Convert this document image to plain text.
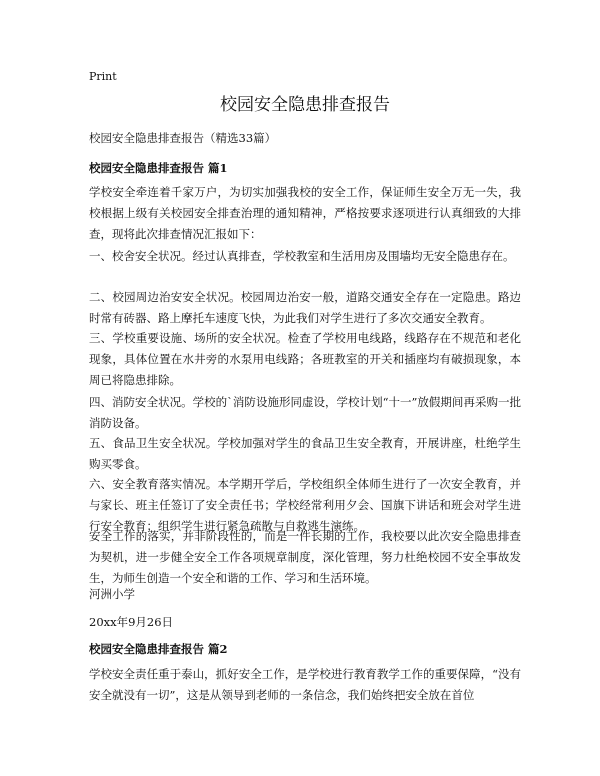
Print
校园安全隐患排查报告

校园安全隐患排查报告（精选33篇）

校园安全隐患排查报告 篇1

学校安全牵连着千家万户，为切实加强我校的安全工作，保证师生安全万无一失，我校根据上级有关校园安全排查治理的通知精神，严格按要求逐项进行认真细致的大排查，现将此次排查情况汇报如下：

一、校舍安全状况。经过认真排查，学校教室和生活用房及围墙均无安全隐患存在。

二、校园周边治安安全状况。校园周边治安一般，道路交通安全存在一定隐患。路边时常有砖器、路上摩托车速度飞快，为此我们对学生进行了多次交通安全教育。

三、学校重要设施、场所的安全状况。检查了学校用电线路，线路存在不规范和老化现象，具体位置在水井旁的水泵用电线路；各班教室的开关和插座均有破损现象，本周已将隐患排除。

四、消防安全状况。学校的`消防设施形同虚设，学校计划“十一”放假期间再采购一批消防设备。

五、食品卫生安全状况。学校加强对学生的食品卫生安全教育，开展讲座，杜绝学生购买零食。

六、安全教育落实情况。本学期开学后，学校组织全体师生进行了一次安全教育，并与家长、班主任签订了安全责任书；学校经常利用夕会、国旗下讲话和班会对学生进行安全教育；组织学生进行紧急疏散与自救逃生演练。

安全工作的落实，并非阶段性的，而是一件长期的工作，我校要以此次安全隐患排查为契机，进一步健全安全工作各项规章制度，深化管理，努力杜绝校园不安全事故发生，为师生创造一个安全和谐的工作、学习和生活环境。

河洲小学

20xx年9月26日

校园安全隐患排查报告 篇2

学校安全责任重于泰山，抓好安全工作，是学校进行教育教学工作的重要保障，“没有安全就没有一切”，这是从领导到老师的一条信念，我们始终把安全放在首位
